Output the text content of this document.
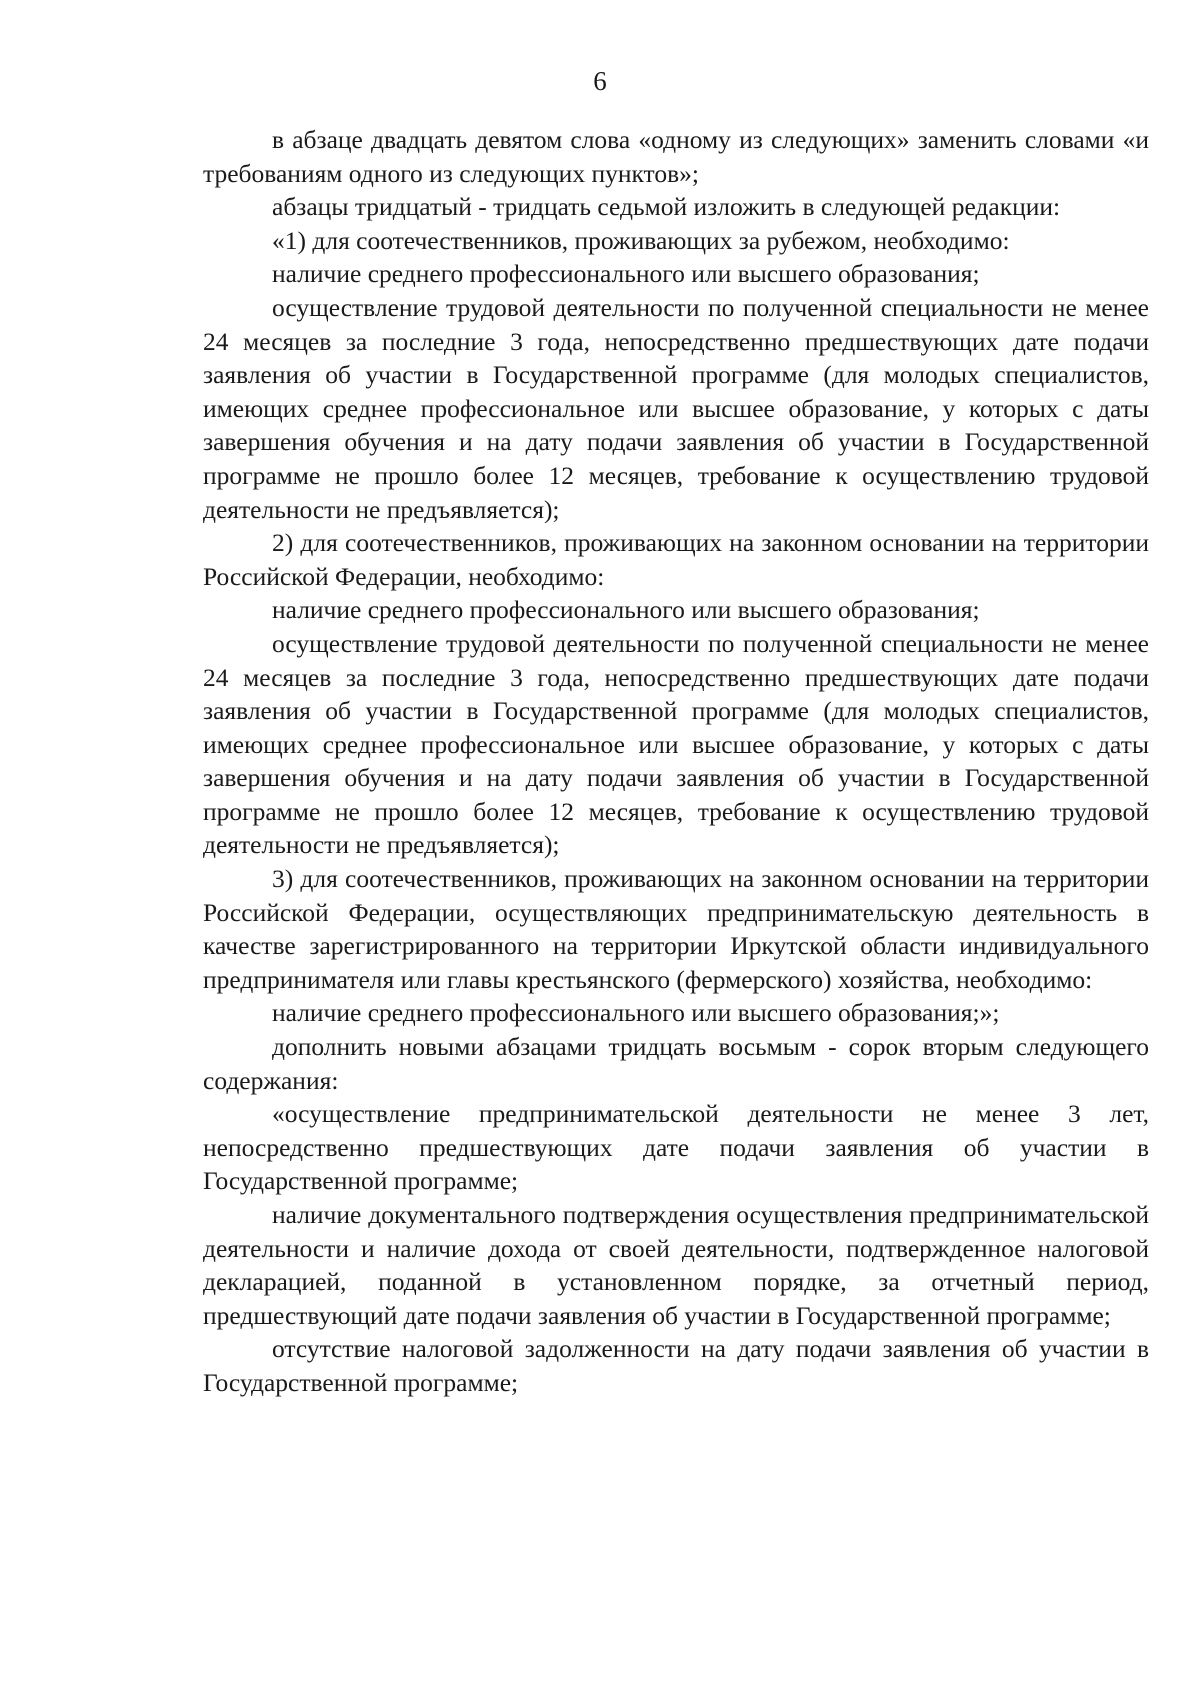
6

в абзаце двадцать девятом слова «одному из следующих» заменить словами «и требованиям одного из следующих пунктов»;

абзацы тридцатый - тридцать седьмой изложить в следующей редакции:

«1) для соотечественников, проживающих за рубежом, необходимо:

наличие среднего профессионального или высшего образования;

осуществление трудовой деятельности по полученной специальности не менее 24 месяцев за последние 3 года, непосредственно предшествующих дате подачи заявления об участии в Государственной программе (для молодых специалистов, имеющих среднее профессиональное или высшее образование, у которых с даты завершения обучения и на дату подачи заявления об участии в Государственной программе не прошло более 12 месяцев, требование к осуществлению трудовой деятельности не предъявляется);

2) для соотечественников, проживающих на законном основании на территории Российской Федерации, необходимо:

наличие среднего профессионального или высшего образования;

осуществление трудовой деятельности по полученной специальности не менее 24 месяцев за последние 3 года, непосредственно предшествующих дате подачи заявления об участии в Государственной программе (для молодых специалистов, имеющих среднее профессиональное или высшее образование, у которых с даты завершения обучения и на дату подачи заявления об участии в Государственной программе не прошло более 12 месяцев, требование к осуществлению трудовой деятельности не предъявляется);

3) для соотечественников, проживающих на законном основании на территории Российской Федерации, осуществляющих предпринимательскую деятельность в качестве зарегистрированного на территории Иркутской области индивидуального предпринимателя или главы крестьянского (фермерского) хозяйства, необходимо:

наличие среднего профессионального или высшего образования;»;

дополнить новыми абзацами тридцать восьмым - сорок вторым следующего содержания:

«осуществление предпринимательской деятельности не менее 3 лет, непосредственно предшествующих дате подачи заявления об участии в Государственной программе;

наличие документального подтверждения осуществления предпринимательской деятельности и наличие дохода от своей деятельности, подтвержденное налоговой декларацией, поданной в установленном порядке, за отчетный период, предшествующий дате подачи заявления об участии в Государственной программе;

отсутствие налоговой задолженности на дату подачи заявления об участии в Государственной программе;
